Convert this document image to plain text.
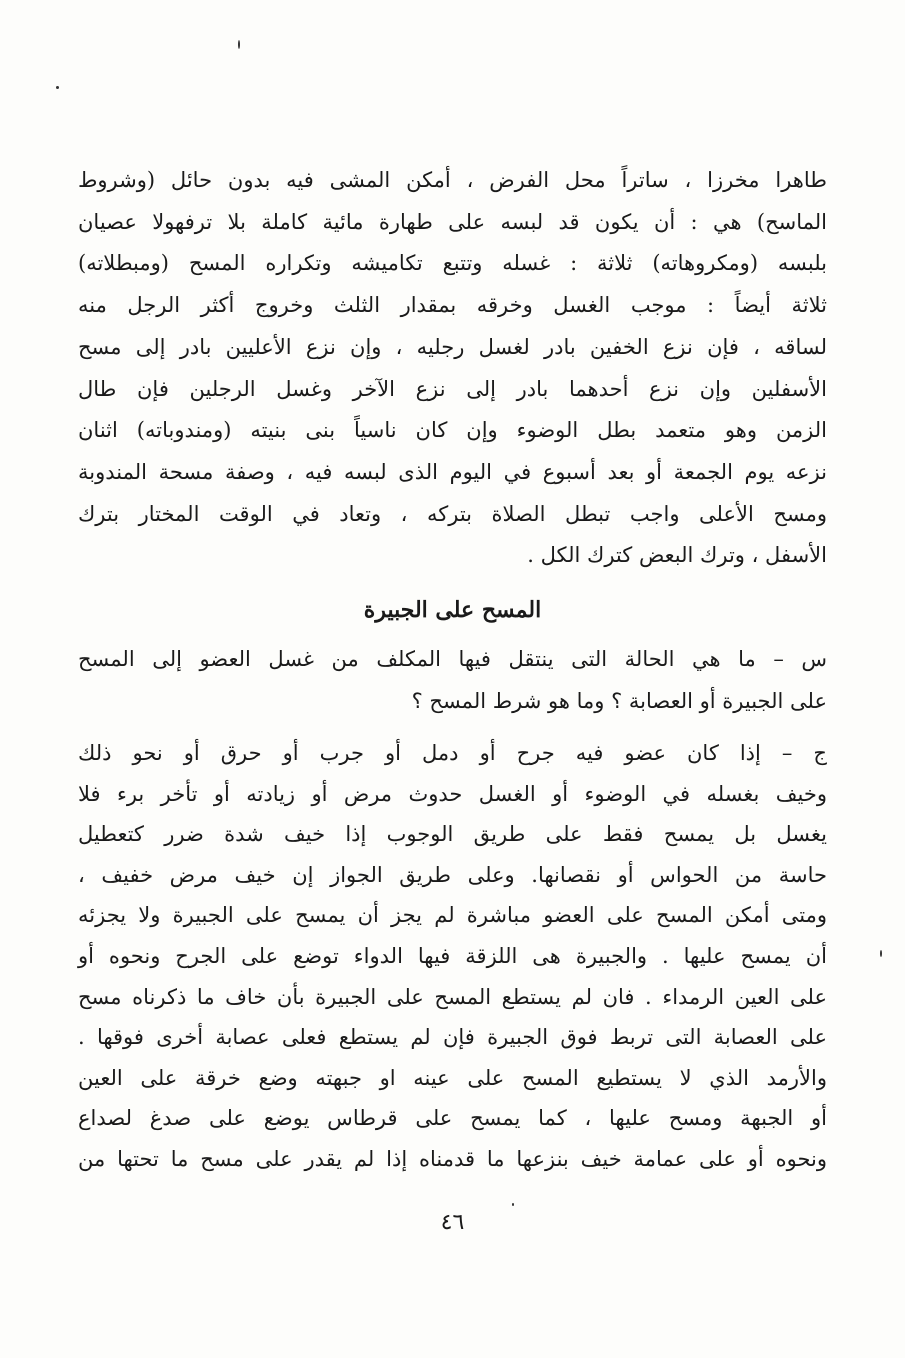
طاهرا مخرزا ، ساتراً محل الفرض ، أمكن المشى فيه بدون حائل (وشروط
الماسح) هي : أن يكون قد لبسه على طهارة مائية كاملة بلا ترفهولا عصيان
بلبسه (ومكروهاته) ثلاثة : غسله وتتبع تكاميشه وتكراره المسح (ومبطلاته)
ثلاثة أيضاً : موجب الغسل وخرقه بمقدار الثلث وخروج أكثر الرجل منه
لساقه ، فإن نزع الخفين بادر لغسل رجليه ، وإن نزع الأعليين بادر إلى مسح
الأسفلين وإن نزع أحدهما بادر إلى نزع الآخر وغسل الرجلين فإن طال
الزمن وهو متعمد بطل الوضوء وإن كان ناسياً بنى بنيته (ومندوباته) اثنان
نزعه يوم الجمعة أو بعد أسبوع في اليوم الذى لبسه فيه ، وصفة مسحة المندوبة
ومسح الأعلى واجب تبطل الصلاة بتركه ، وتعاد في الوقت المختار بترك
الأسفل ، وترك البعض كترك الكل .
المسح على الجبيرة
س – ما هي الحالة التى ينتقل فيها المكلف من غسل العضو إلى المسح
على الجبيرة أو العصابة ؟ وما هو شرط المسح ؟
ج – إذا كان عضو فيه جرح أو دمل أو جرب أو حرق أو نحو ذلك
وخيف بغسله في الوضوء أو الغسل حدوث مرض أو زيادته أو تأخر برء فلا
يغسل بل يمسح فقط على طريق الوجوب إذا خيف شدة ضرر كتعطيل
حاسة من الحواس أو نقصانها. وعلى طريق الجواز إن خيف مرض خفيف ،
ومتى أمكن المسح على العضو مباشرة لم يجز أن يمسح على الجبيرة ولا يجزئه
أن يمسح عليها . والجبيرة هى اللزقة فيها الدواء توضع على الجرح ونحوه أو
على العين الرمداء . فان لم يستطع المسح على الجبيرة بأن خاف ما ذكرناه مسح
على العصابة التى تربط فوق الجبيرة فإن لم يستطع فعلى عصابة أخرى فوقها .
والأرمد الذي لا يستطيع المسح على عينه او جبهته وضع خرقة على العين
أو الجبهة ومسح عليها ، كما يمسح على قرطاس يوضع على صدغ لصداع
ونحوه أو على عمامة خيف بنزعها ما قدمناه إذا لم يقدر على مسح ما تحتها من
٤٦
